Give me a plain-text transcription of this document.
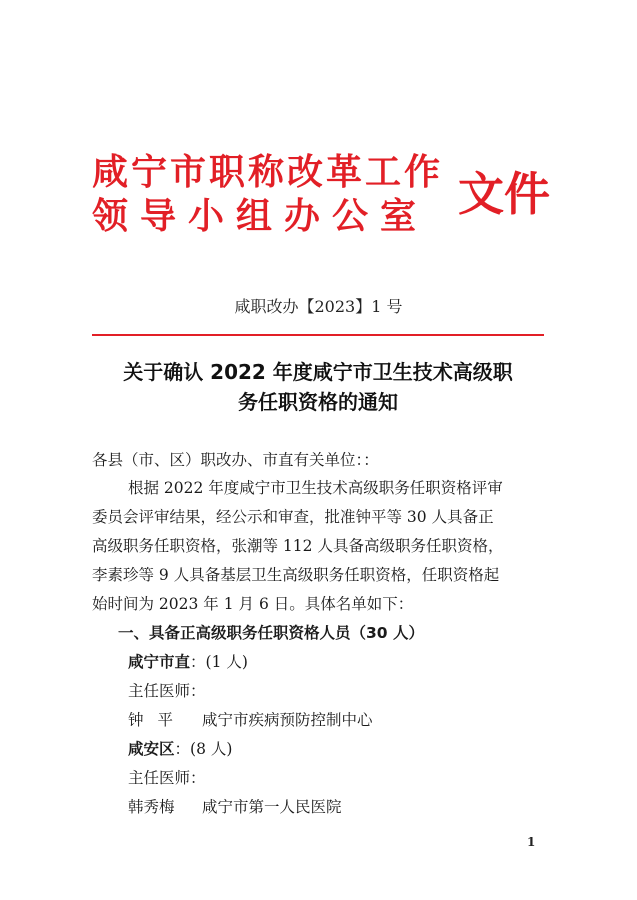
咸宁市职称改革工作
领导小组办公室 文件
咸职改办【2023】1 号
关于确认 2022 年度咸宁市卫生技术高级职
务任职资格的通知
各县（市、区）职改办、市直有关单位：：
根据 2022 年度咸宁市卫生技术高级职务任职资格评审
委员会评审结果，经公示和审查，批准钟平等 30 人具备正
高级职务任职资格，张潮等 112 人具备高级职务任职资格，
李素珍等 9 人具备基层卫生高级职务任职资格，任职资格起
始时间为 2023 年 1 月 6 日。具体名单如下：
一、具备正高级职务任职资格人员（30 人）
咸宁市直：(1 人)
主任医师：
钟平 咸宁市疾病预防控制中心
咸安区：(8 人)
主任医师：
韩秀梅 咸宁市第一人民医院
1
